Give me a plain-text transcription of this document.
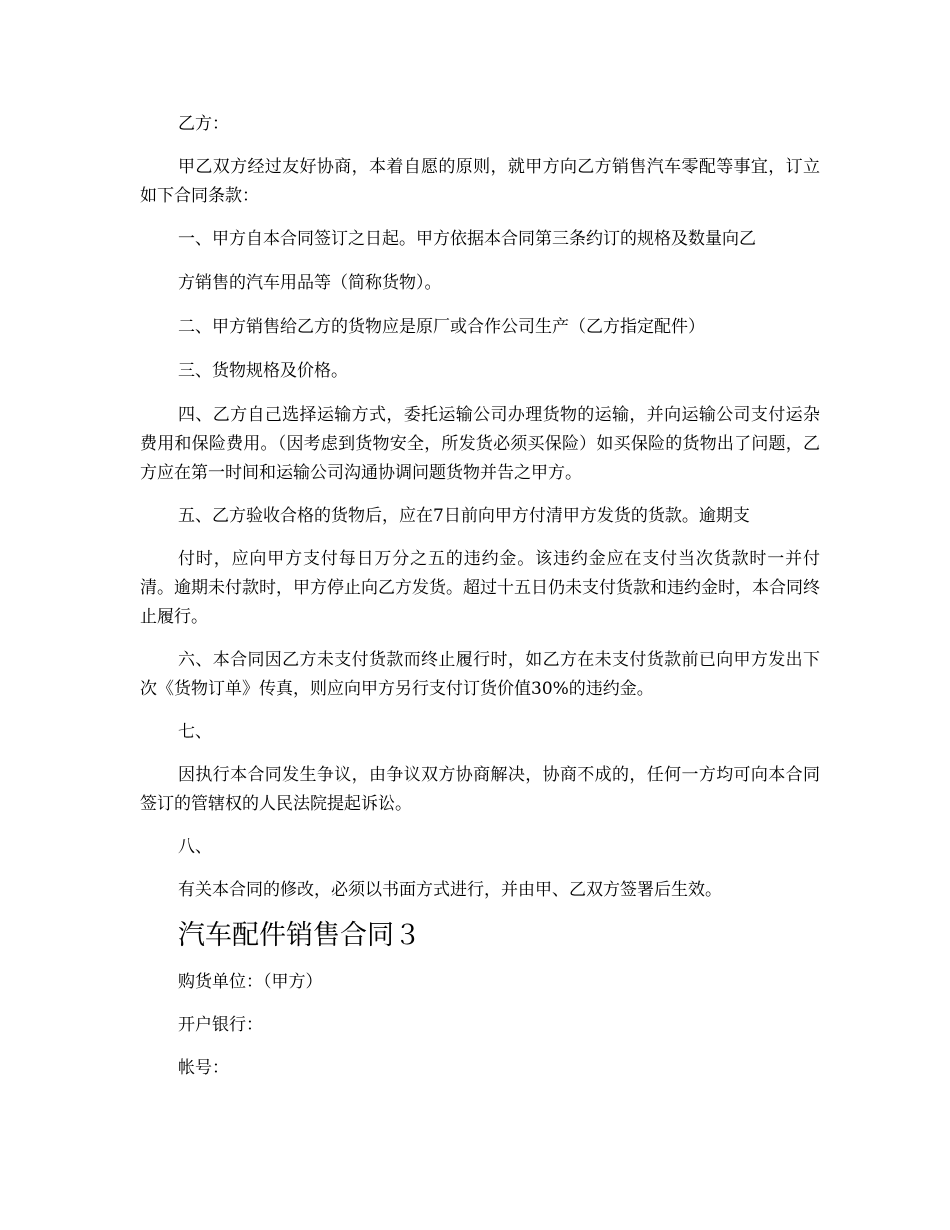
乙方：

甲乙双方经过友好协商，本着自愿的原则，就甲方向乙方销售汽车零配等事宜，订立如下合同条款：

一、甲方自本合同签订之日起。甲方依据本合同第三条约订的规格及数量向乙

方销售的汽车用品等（简称货物）。

二、甲方销售给乙方的货物应是原厂或合作公司生产（乙方指定配件）

三、货物规格及价格。

四、乙方自己选择运输方式，委托运输公司办理货物的运输，并向运输公司支付运杂费用和保险费用。（因考虑到货物安全，所发货必须买保险）如买保险的货物出了问题，乙方应在第一时间和运输公司沟通协调问题货物并告之甲方。

五、乙方验收合格的货物后，应在7日前向甲方付清甲方发货的货款。逾期支

付时，应向甲方支付每日万分之五的违约金。该违约金应在支付当次货款时一并付清。逾期未付款时，甲方停止向乙方发货。超过十五日仍未支付货款和违约金时，本合同终止履行。

六、本合同因乙方未支付货款而终止履行时，如乙方在未支付货款前已向甲方发出下次《货物订单》传真，则应向甲方另行支付订货价值30%的违约金。

七、

因执行本合同发生争议，由争议双方协商解决，协商不成的，任何一方均可向本合同签订的管辖权的人民法院提起诉讼。

八、

有关本合同的修改，必须以书面方式进行，并由甲、乙双方签署后生效。

汽车配件销售合同３

购货单位：（甲方）

开户银行：

帐号：
